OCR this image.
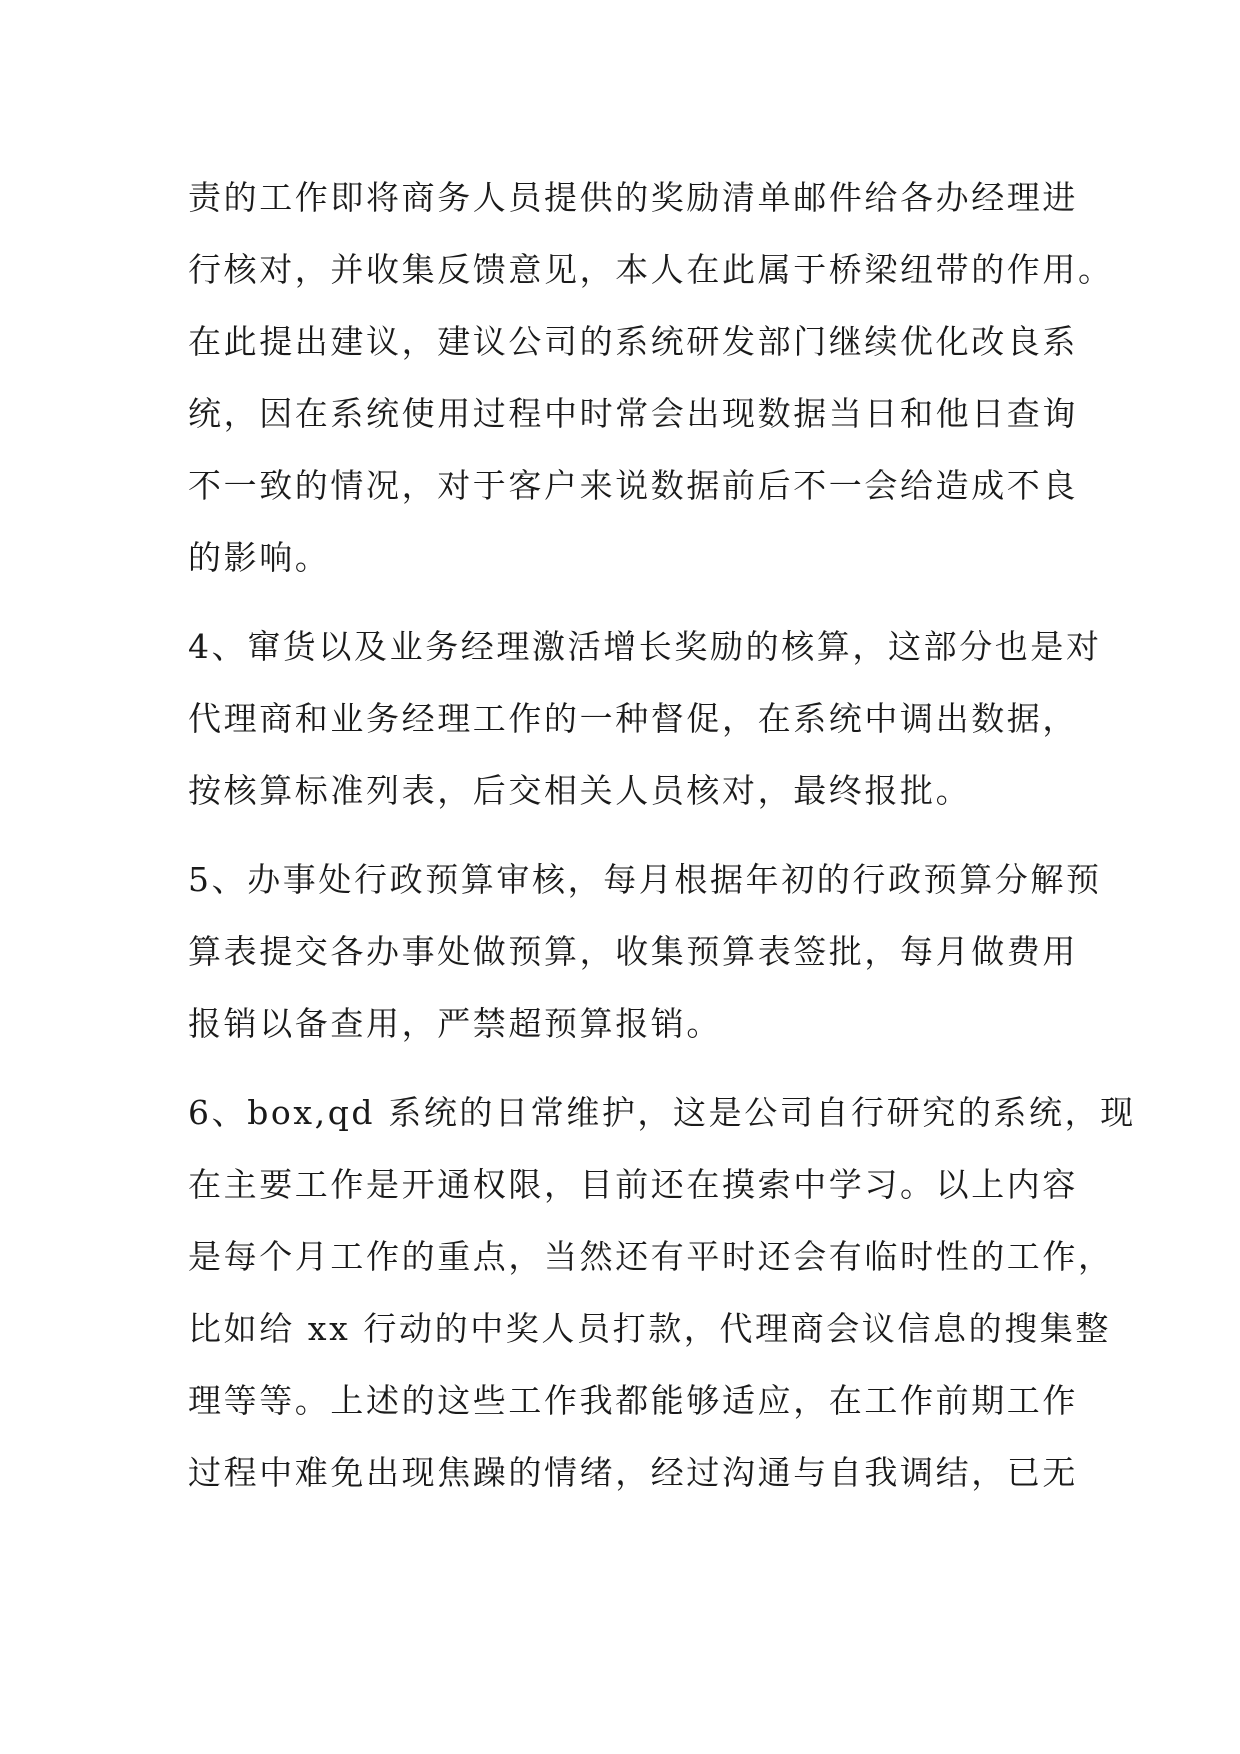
责的工作即将商务人员提供的奖励清单邮件给各办经理进

行核对，并收集反馈意见，本人在此属于桥梁纽带的作用。

在此提出建议，建议公司的系统研发部门继续优化改良系

统，因在系统使用过程中时常会出现数据当日和他日查询

不一致的情况，对于客户来说数据前后不一会给造成不良

的影响。

4、窜货以及业务经理激活增长奖励的核算，这部分也是对

代理商和业务经理工作的一种督促，在系统中调出数据，

按核算标准列表，后交相关人员核对，最终报批。

5、办事处行政预算审核，每月根据年初的行政预算分解预

算表提交各办事处做预算，收集预算表签批，每月做费用

报销以备查用，严禁超预算报销。

6、box,qd 系统的日常维护，这是公司自行研究的系统，现

在主要工作是开通权限，目前还在摸索中学习。以上内容

是每个月工作的重点，当然还有平时还会有临时性的工作，

比如给 xx 行动的中奖人员打款，代理商会议信息的搜集整

理等等。上述的这些工作我都能够适应，在工作前期工作

过程中难免出现焦躁的情绪，经过沟通与自我调结，已无
